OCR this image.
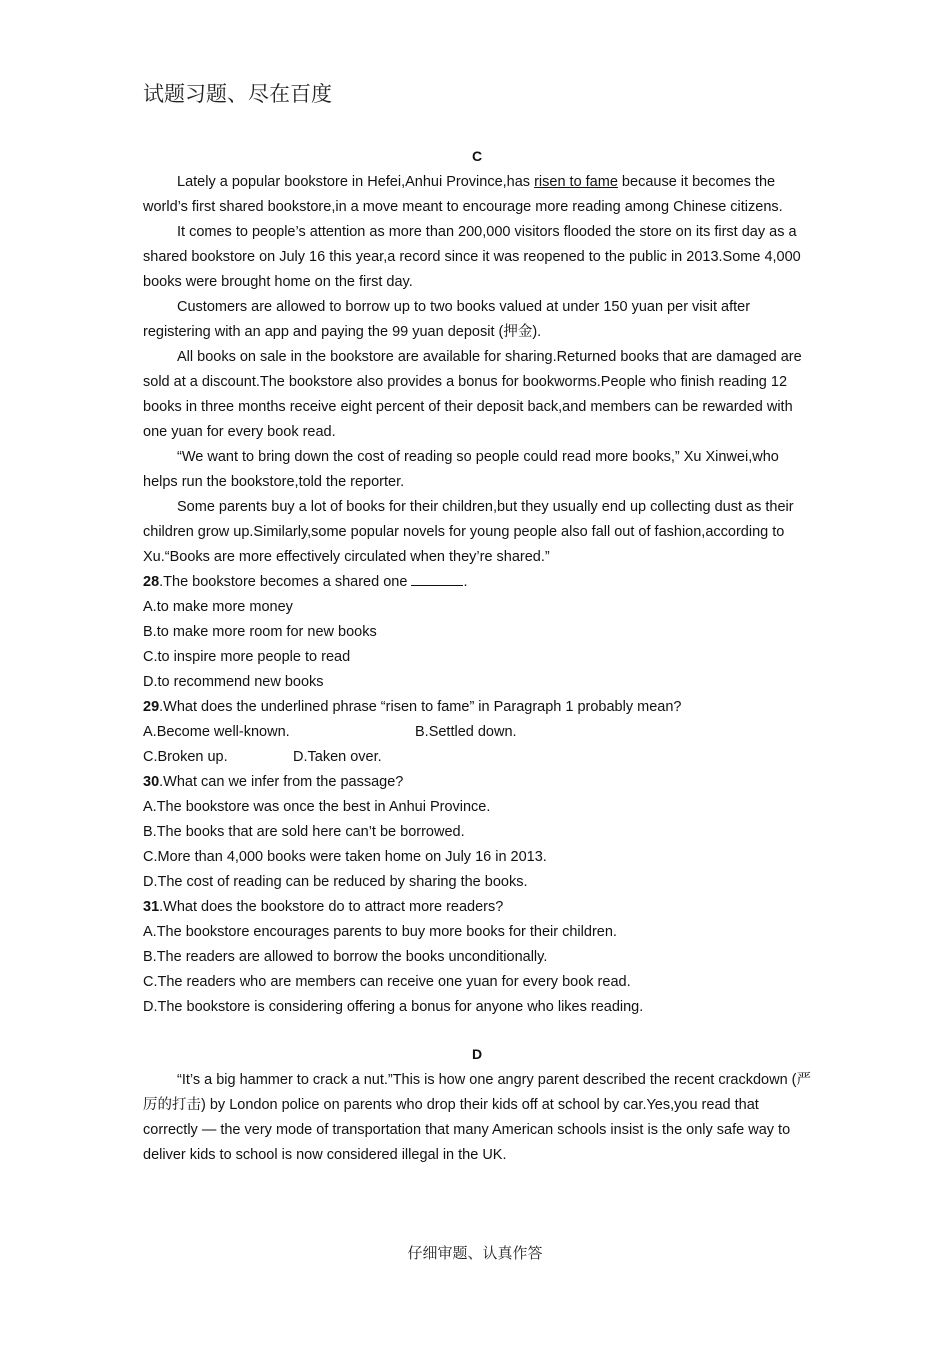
试题习题、尽在百度
C

Lately a popular bookstore in Hefei,Anhui Province,has risen to fame because it becomes the world’s first shared bookstore,in a move meant to encourage more reading among Chinese citizens.

It comes to people’s attention as more than 200,000 visitors flooded the store on its first day as a shared bookstore on July 16 this year,a record since it was reopened to the public in 2013.Some 4,000 books were brought home on the first day.

Customers are allowed to borrow up to two books valued at under 150 yuan per visit after registering with an app and paying the 99 yuan deposit (押金).

All books on sale in the bookstore are available for sharing.Returned books that are damaged are sold at a discount.The bookstore also provides a bonus for bookworms.People who finish reading 12 books in three months receive eight percent of their deposit back,and members can be rewarded with one yuan for every book read.

“We want to bring down the cost of reading so people could read more books,” Xu Xinwei,who helps run the bookstore,told the reporter.

Some parents buy a lot of books for their children,but they usually end up collecting dust as their children grow up.Similarly,some popular novels for young people also fall out of fashion,according to Xu.“Books are more effectively circulated when they’re shared.”

28.The bookstore becomes a shared one	.
A.to make more money
B.to make more room for new books
C.to inspire more people to read
D.to recommend new books
29.What does the underlined phrase “risen to fame” in Paragraph 1 probably mean?
A.Become well-known.	B.Settled down.
C.Broken up.	D.Taken over.
30.What can we infer from the passage?
A.The bookstore was once the best in Anhui Province.
B.The books that are sold here can’t be borrowed.
C.More than 4,000 books were taken home on July 16 in 2013.
D.The cost of reading can be reduced by sharing the books.
31.What does the bookstore do to attract more readers?
A.The bookstore encourages parents to buy more books for their children.
B.The readers are allowed to borrow the books unconditionally.
C.The readers who are members can receive one yuan for every book read.
D.The bookstore is considering offering a bonus for anyone who likes reading.
D

“It’s a big hammer to crack a nut.”This is how one angry parent described the recent crackdown (严厉的打击) by London police on parents who drop their kids off at school by car.Yes,you read that correctly — the very mode of transportation that many American schools insist is the only safe way to deliver kids to school is now considered illegal in the UK.

仔细审题、认真作答
